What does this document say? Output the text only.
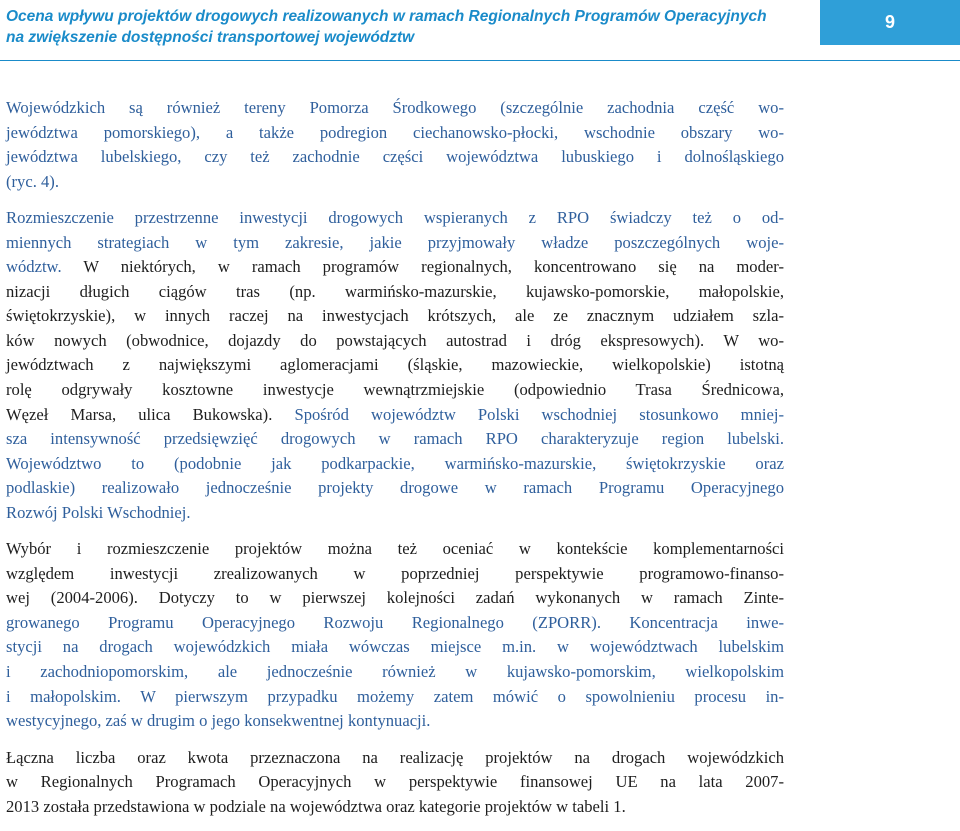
Ocena wpływu projektów drogowych realizowanych w ramach Regionalnych Programów Operacyjnych
na zwiększenie dostępności transportowej województw
9

Wojewódzkich są również tereny Pomorza Środkowego (szczególnie zachodnia część wo-
jewództwa pomorskiego), a także podregion ciechanowsko-płocki, wschodnie obszary wo-
jewództwa lubelskiego, czy też zachodnie części województwa lubuskiego i dolnośląskiego
(ryc. 4).

Rozmieszczenie przestrzenne inwestycji drogowych wspieranych z RPO świadczy też o od-
miennych strategiach w tym zakresie, jakie przyjmowały władze poszczególnych woje-
wództw. W niektórych, w ramach programów regionalnych, koncentrowano się na moder-
nizacji długich ciągów tras (np. warmińsko-mazurskie, kujawsko-pomorskie, małopolskie,
świętokrzyskie), w innych raczej na inwestycjach krótszych, ale ze znacznym udziałem szla-
ków nowych (obwodnice, dojazdy do powstających autostrad i dróg ekspresowych). W wo-
jewództwach z największymi aglomeracjami (śląskie, mazowieckie, wielkopolskie) istotną
rolę odgrywały kosztowne inwestycje wewnątrzmiejskie (odpowiednio Trasa Średnicowa,
Węzeł Marsa, ulica Bukowska). Spośród województw Polski wschodniej stosunkowo mniej-
sza intensywność przedsięwzięć drogowych w ramach RPO charakteryzuje region lubelski.
Województwo to (podobnie jak podkarpackie, warmińsko-mazurskie, świętokrzyskie oraz
podlaskie) realizowało jednocześnie projekty drogowe w ramach Programu Operacyjnego
Rozwój Polski Wschodniej.

Wybór i rozmieszczenie projektów można też oceniać w kontekście komplementarności
względem inwestycji zrealizowanych w poprzedniej perspektywie programowo-finanso-
wej (2004-2006). Dotyczy to w pierwszej kolejności zadań wykonanych w ramach Zinte-
growanego Programu Operacyjnego Rozwoju Regionalnego (ZPORR). Koncentracja inwe-
stycji na drogach wojewódzkich miała wówczas miejsce m.in. w województwach lubelskim
i zachodniopomorskim, ale jednocześnie również w kujawsko-pomorskim, wielkopolskim
i małopolskim. W pierwszym przypadku możemy zatem mówić o spowolnieniu procesu in-
westycyjnego, zaś w drugim o jego konsekwentnej kontynuacji.

Łączna liczba oraz kwota przeznaczona na realizację projektów na drogach wojewódzkich
w Regionalnych Programach Operacyjnych w perspektywie finansowej UE na lata 2007-
2013 została przedstawiona w podziale na województwa oraz kategorie projektów w tabeli 1.
